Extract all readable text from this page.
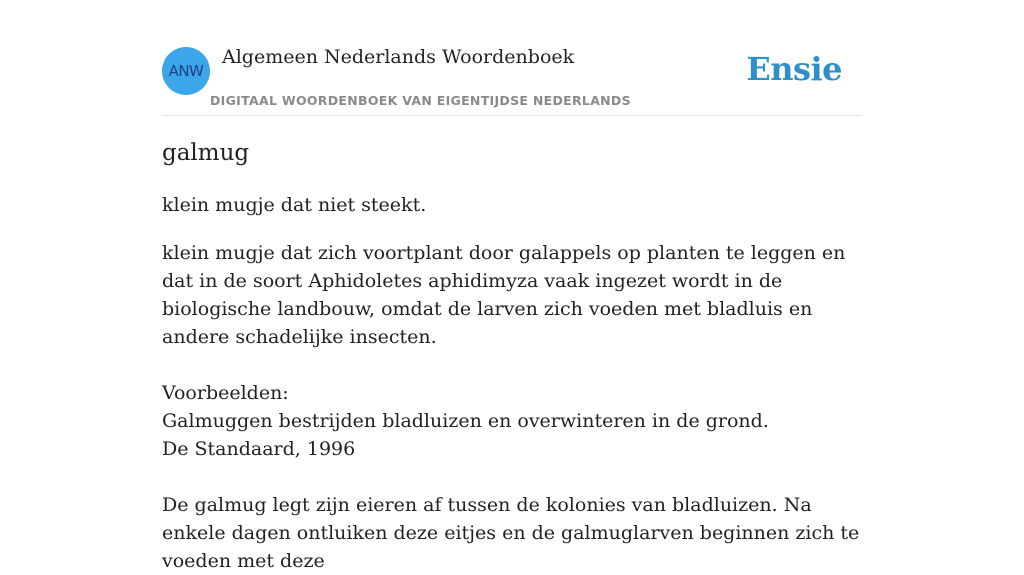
ANW
Algemeen Nederlands Woordenboek
DIGITAAL WOORDENBOEK VAN EIGENTIJDSE NEDERLANDS
Ensie
galmug
klein mugje dat niet steekt.

klein mugje dat zich voortplant door galappels op planten te leggen en dat in de soort Aphidoletes aphidimyza vaak ingezet wordt in de biologische landbouw, omdat de larven zich voeden met bladluis en andere schadelijke insecten.

Voorbeelden:

Galmuggen bestrijden bladluizen en overwinteren in de grond.

De Standaard, 1996

De galmug legt zijn eieren af tussen de kolonies van bladluizen. Na enkele dagen ontluiken deze eitjes en de galmuglarven beginnen zich te voeden met deze
